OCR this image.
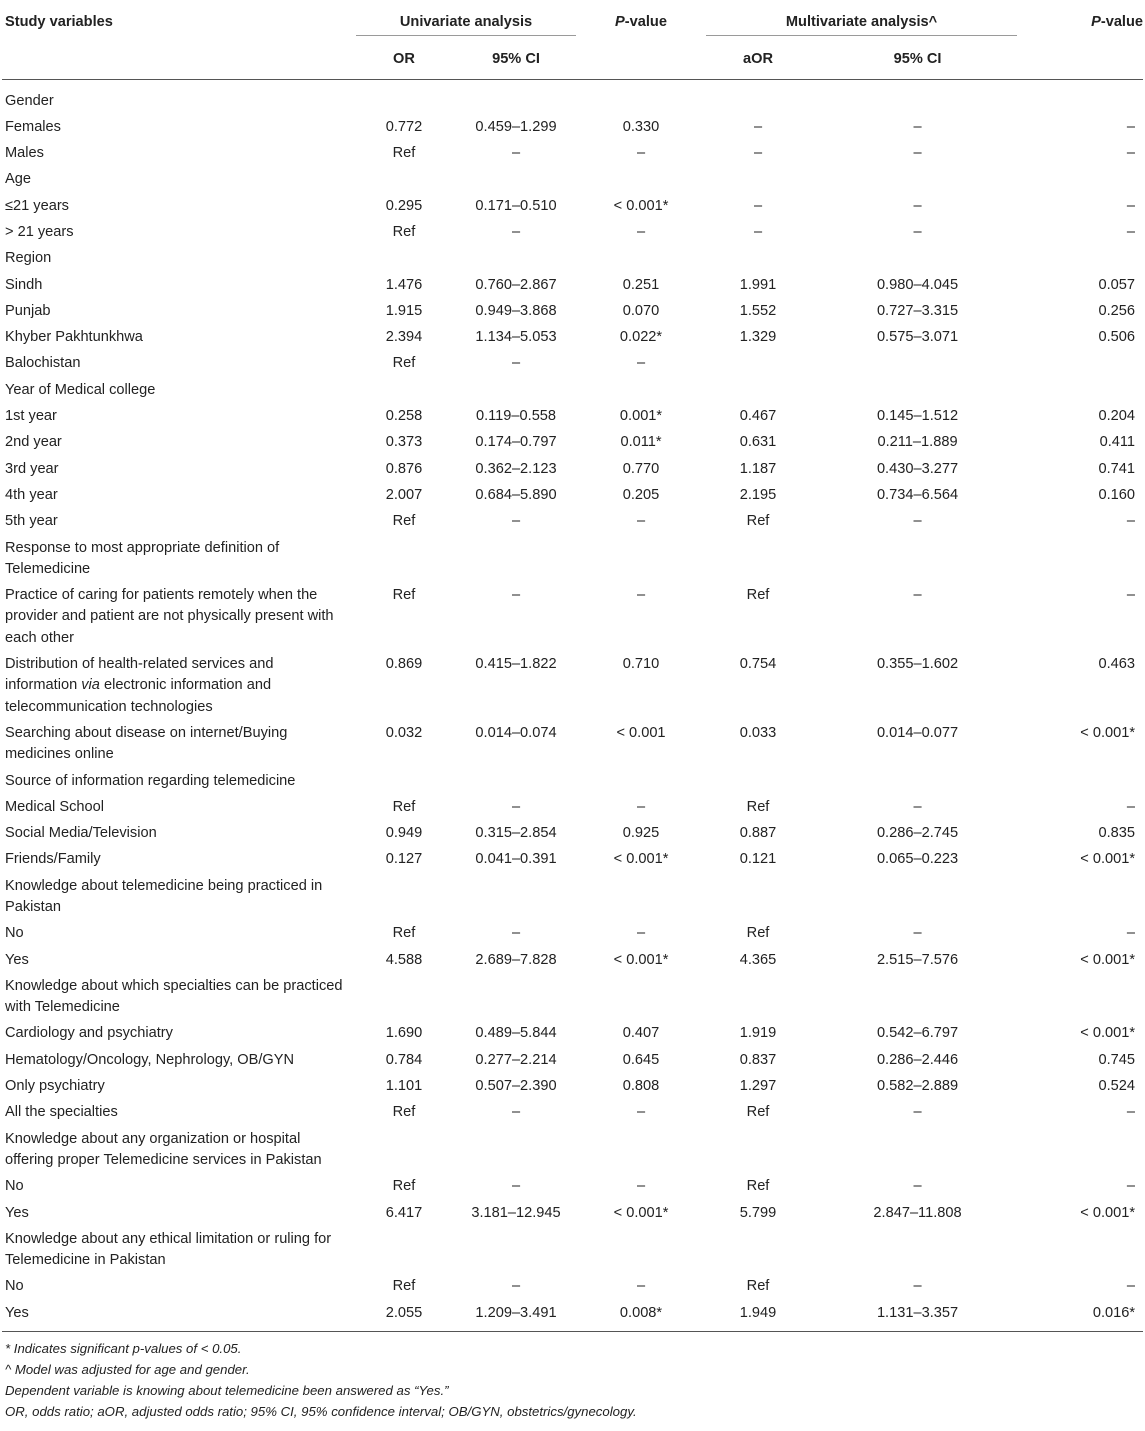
Study variables	Univariate analysis		P-value	Multivariate analysis^		P-value
	OR	95% CI		aOR	95% CI	

Gender						
Females	0.772	0.459–1.299	0.330	–	–	–
Males	Ref	–	–	–	–	–
Age						
≤21 years	0.295	0.171–0.510	< 0.001*	–	–	–
> 21 years	Ref	–	–	–	–	–
Region						
Sindh	1.476	0.760–2.867	0.251	1.991	0.980–4.045	0.057
Punjab	1.915	0.949–3.868	0.070	1.552	0.727–3.315	0.256
Khyber Pakhtunkhwa	2.394	1.134–5.053	0.022*	1.329	0.575–3.071	0.506
Balochistan	Ref	–	–			
Year of Medical college						
1st year	0.258	0.119–0.558	0.001*	0.467	0.145–1.512	0.204
2nd year	0.373	0.174–0.797	0.011*	0.631	0.211–1.889	0.411
3rd year	0.876	0.362–2.123	0.770	1.187	0.430–3.277	0.741
4th year	2.007	0.684–5.890	0.205	2.195	0.734–6.564	0.160
5th year	Ref	–	–	Ref	–	–
Response to most appropriate definition of Telemedicine						
Practice of caring for patients remotely when the provider and patient are not physically present with each other	Ref	–	–	Ref	–	–
Distribution of health-related services and information via electronic information and telecommunication technologies	0.869	0.415–1.822	0.710	0.754	0.355–1.602	0.463
Searching about disease on internet/Buying medicines online	0.032	0.014–0.074	< 0.001	0.033	0.014–0.077	< 0.001*
Source of information regarding telemedicine						
Medical School	Ref	–	–	Ref	–	–
Social Media/Television	0.949	0.315–2.854	0.925	0.887	0.286–2.745	0.835
Friends/Family	0.127	0.041–0.391	< 0.001*	0.121	0.065–0.223	< 0.001*
Knowledge about telemedicine being practiced in Pakistan						
No	Ref	–	–	Ref	–	–
Yes	4.588	2.689–7.828	< 0.001*	4.365	2.515–7.576	< 0.001*
Knowledge about which specialties can be practiced with Telemedicine						
Cardiology and psychiatry	1.690	0.489–5.844	0.407	1.919	0.542–6.797	< 0.001*
Hematology/Oncology, Nephrology, OB/GYN	0.784	0.277–2.214	0.645	0.837	0.286–2.446	0.745
Only psychiatry	1.101	0.507–2.390	0.808	1.297	0.582–2.889	0.524
All the specialties	Ref	–	–	Ref	–	–
Knowledge about any organization or hospital offering proper Telemedicine services in Pakistan						
No	Ref	–	–	Ref	–	–
Yes	6.417	3.181–12.945	< 0.001*	5.799	2.847–11.808	< 0.001*
Knowledge about any ethical limitation or ruling for Telemedicine in Pakistan						
No	Ref	–	–	Ref	–	–
Yes	2.055	1.209–3.491	0.008*	1.949	1.131–3.357	0.016*

* Indicates significant p-values of < 0.05.
^ Model was adjusted for age and gender.
Dependent variable is knowing about telemedicine been answered as “Yes.”
OR, odds ratio; aOR, adjusted odds ratio; 95% CI, 95% confidence interval; OB/GYN, obstetrics/gynecology.
